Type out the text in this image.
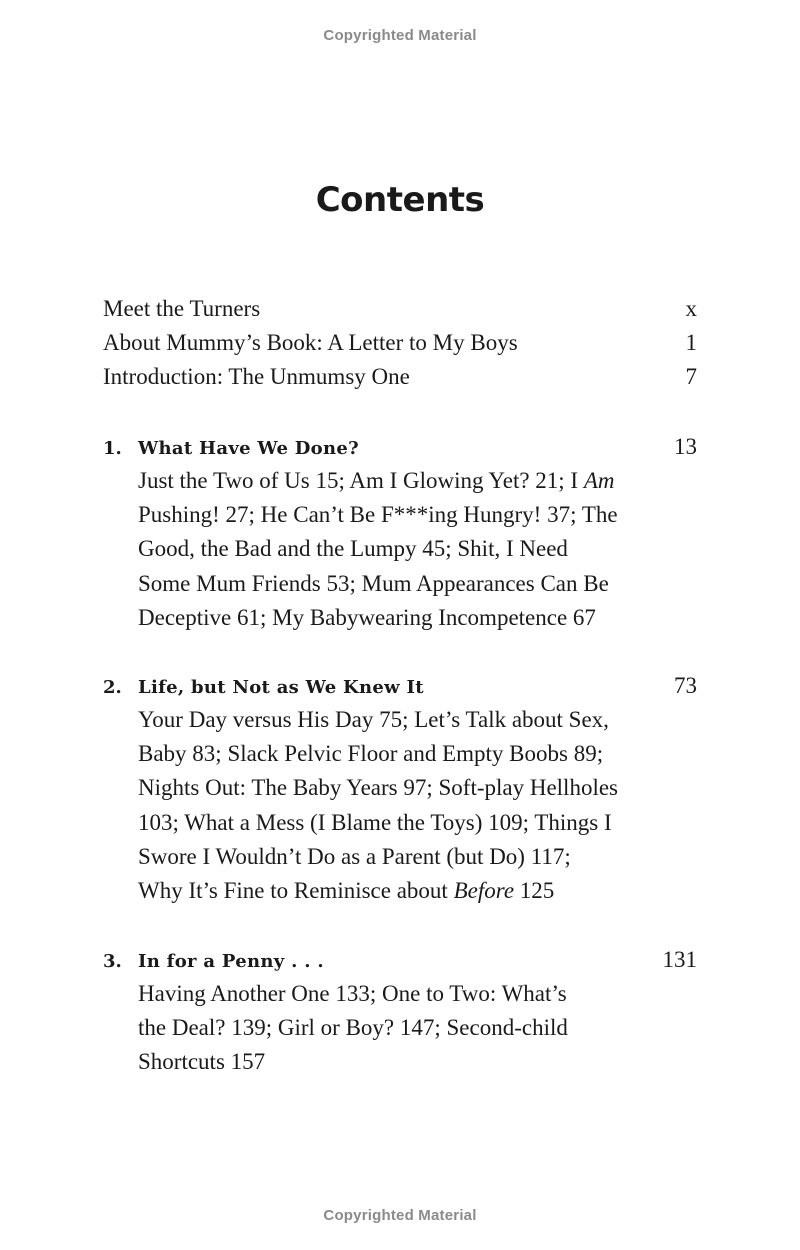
Copyrighted Material
Contents
Meet the Turners	x
About Mummy’s Book: A Letter to My Boys	1
Introduction: The Unmumsy One	7
1. What Have We Done?	13
Just the Two of Us 15; Am I Glowing Yet? 21; I Am
Pushing! 27; He Can’t Be F***ing Hungry! 37; The
Good, the Bad and the Lumpy 45; Shit, I Need
Some Mum Friends 53; Mum Appearances Can Be
Deceptive 61; My Babywearing Incompetence 67
2. Life, but Not as We Knew It	73
Your Day versus His Day 75; Let’s Talk about Sex,
Baby 83; Slack Pelvic Floor and Empty Boobs 89;
Nights Out: The Baby Years 97; Soft-play Hellholes
103; What a Mess (I Blame the Toys) 109; Things I
Swore I Wouldn’t Do as a Parent (but Do) 117;
Why It’s Fine to Reminisce about Before 125
3. In for a Penny . . .	131
Having Another One 133; One to Two: What’s
the Deal? 139; Girl or Boy? 147; Second-child
Shortcuts 157
Copyrighted Material
